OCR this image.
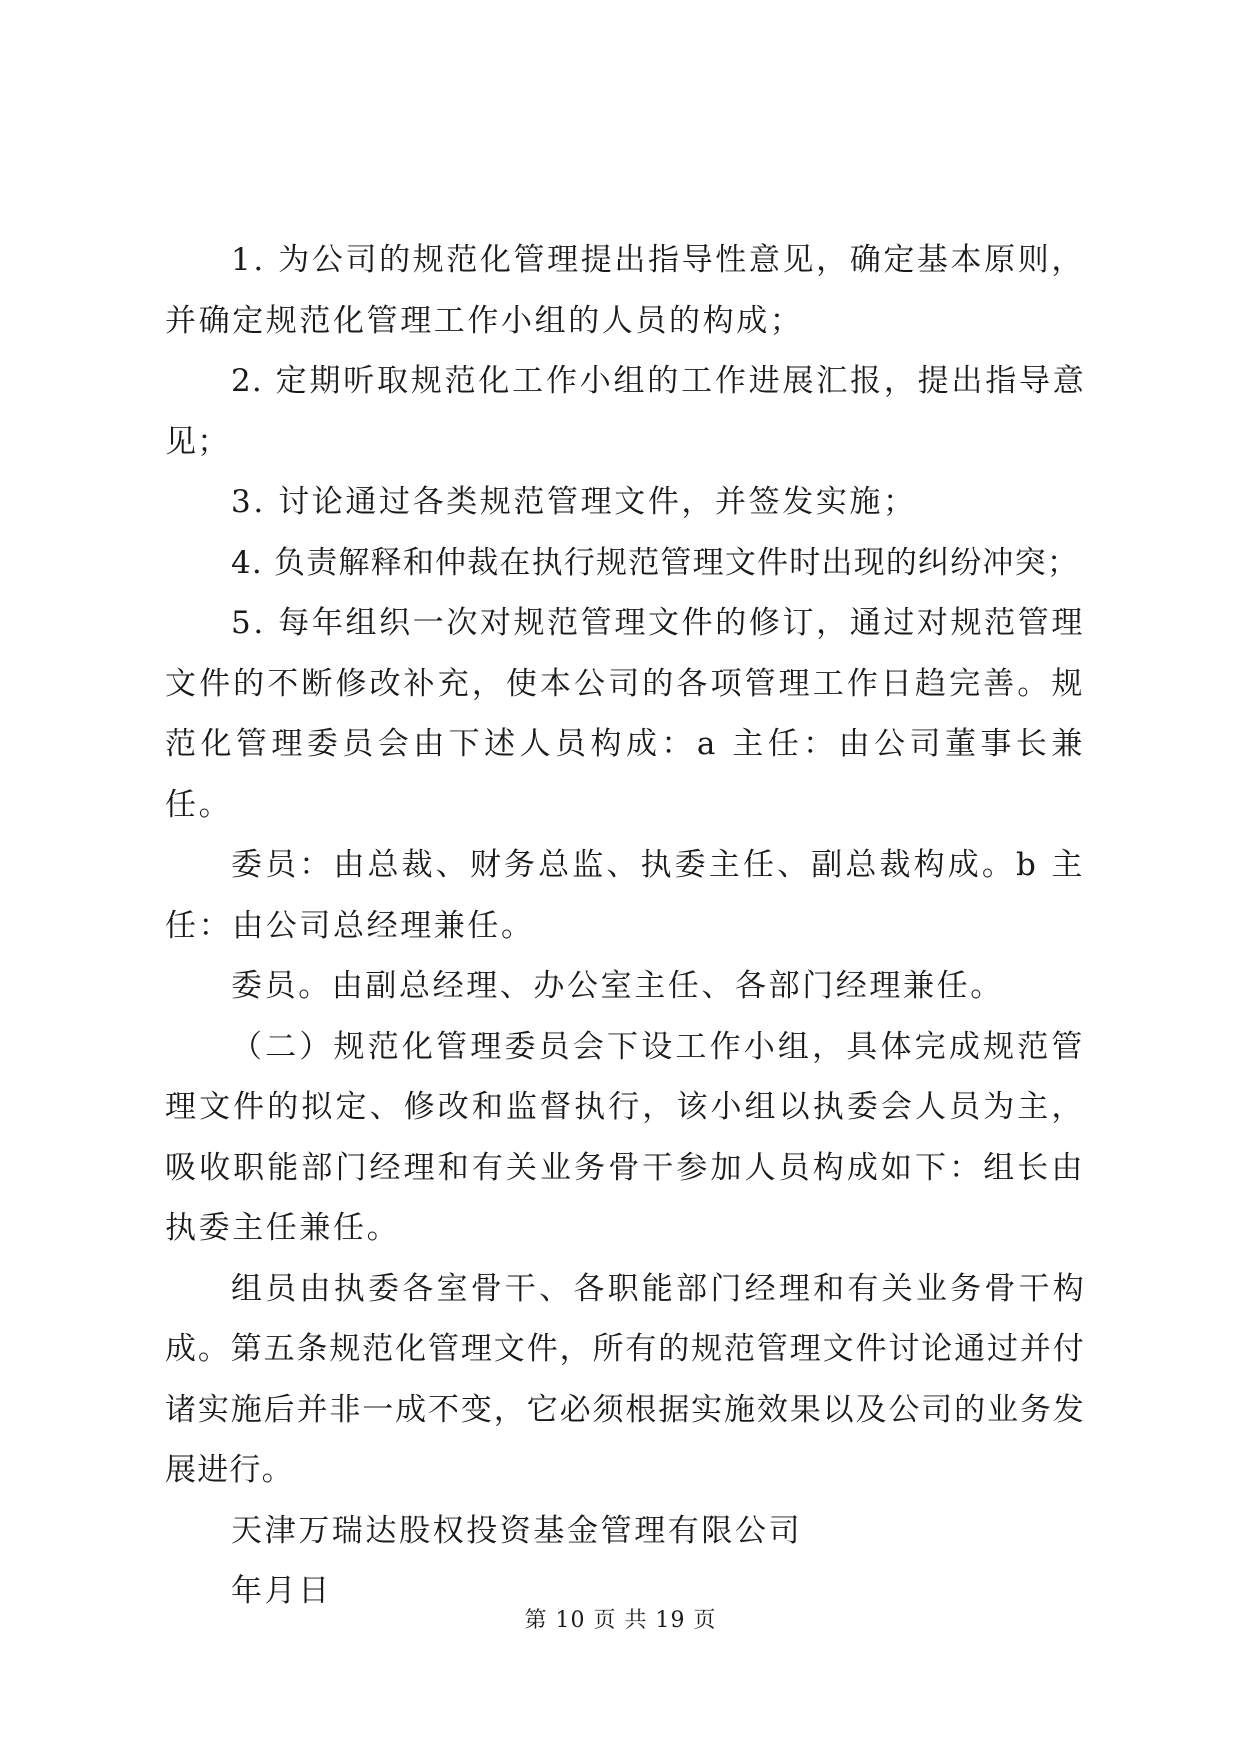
1. 为公司的规范化管理提出指导性意见，确定基本原则，并确定规范化管理工作小组的人员的构成；

2. 定期听取规范化工作小组的工作进展汇报，提出指导意见；

3. 讨论通过各类规范管理文件，并签发实施；

4. 负责解释和仲裁在执行规范管理文件时出现的纠纷冲突；

5. 每年组织一次对规范管理文件的修订，通过对规范管理文件的不断修改补充，使本公司的各项管理工作日趋完善。规范化管理委员会由下述人员构成：a 主任：由公司董事长兼任。

委员：由总裁、财务总监、执委主任、副总裁构成。b 主任：由公司总经理兼任。

委员。由副总经理、办公室主任、各部门经理兼任。

（二）规范化管理委员会下设工作小组，具体完成规范管理文件的拟定、修改和监督执行，该小组以执委会人员为主，吸收职能部门经理和有关业务骨干参加人员构成如下：组长由执委主任兼任。

组员由执委各室骨干、各职能部门经理和有关业务骨干构成。第五条规范化管理文件，所有的规范管理文件讨论通过并付诸实施后并非一成不变，它必须根据实施效果以及公司的业务发展进行。

天津万瑞达股权投资基金管理有限公司

年月日

第 10 页 共 19 页
